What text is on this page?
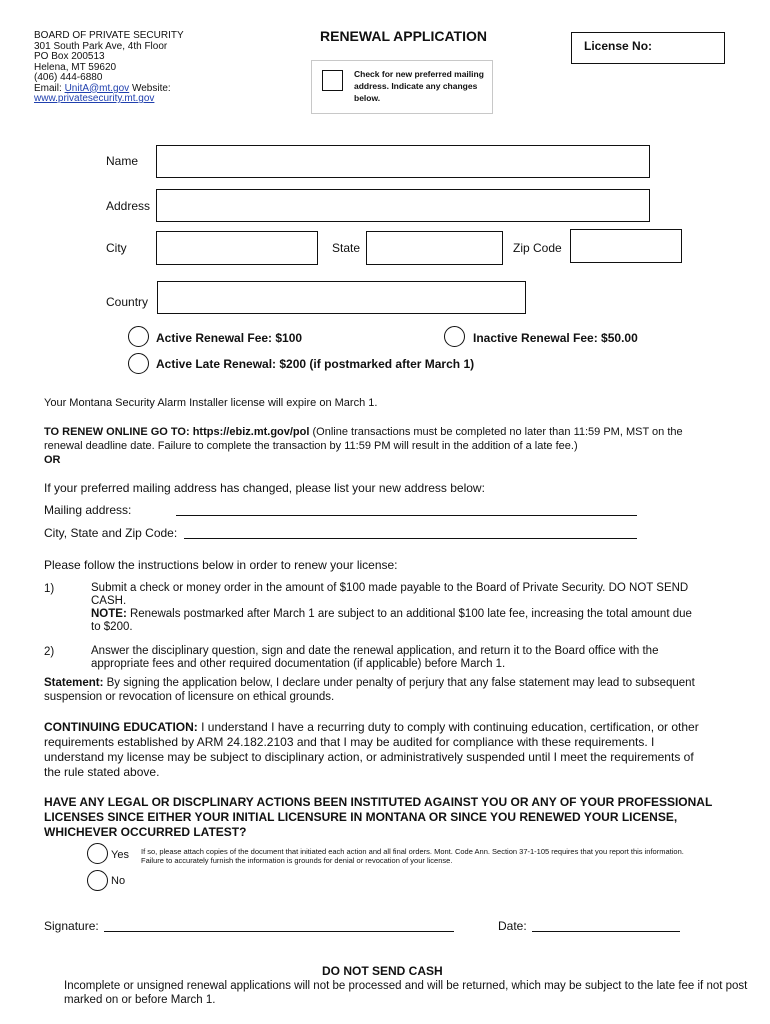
BOARD OF PRIVATE SECURITY
301 South Park Ave, 4th Floor
PO Box 200513
Helena, MT 59620
(406) 444-6880
Email: UnitA@mt.gov Website:
www.privatesecurity.mt.gov
RENEWAL APPLICATION
License No:
Check for new preferred mailing address. Indicate any changes below.
Name
Address
City	State	Zip Code
Country
Active Renewal Fee: $100	Inactive Renewal Fee: $50.00
Active Late Renewal: $200 (if postmarked after March 1)
Your Montana Security Alarm Installer license will expire on March 1.
TO RENEW ONLINE GO TO: https://ebiz.mt.gov/pol (Online transactions must be completed no later than 11:59 PM, MST on the renewal deadline date. Failure to complete the transaction by 11:59 PM will result in the addition of a late fee.)
OR
If your preferred mailing address has changed, please list your new address below:
Mailing address:
City, State and Zip Code:
Please follow the instructions below in order to renew your license:
1)	Submit a check or money order in the amount of $100 made payable to the Board of Private Security. DO NOT SEND CASH.
NOTE: Renewals postmarked after March 1 are subject to an additional $100 late fee, increasing the total amount due to $200.
2)	Answer the disciplinary question, sign and date the renewal application, and return it to the Board office with the appropriate fees and other required documentation (if applicable) before March 1.
Statement: By signing the application below, I declare under penalty of perjury that any false statement may lead to subsequent suspension or revocation of licensure on ethical grounds.
CONTINUING EDUCATION: I understand I have a recurring duty to comply with continuing education, certification, or other requirements established by ARM 24.182.2103 and that I may be audited for compliance with these requirements. I understand my license may be subject to disciplinary action, or administratively suspended until I meet the requirements of the rule stated above.
HAVE ANY LEGAL OR DISCPLINARY ACTIONS BEEN INSTITUTED AGAINST YOU OR ANY OF YOUR PROFESSIONAL LICENSES SINCE EITHER YOUR INITIAL LICENSURE IN MONTANA OR SINCE YOU RENEWED YOUR LICENSE, WHICHEVER OCCURRED LATEST?
Yes If so, please attach copies of the document that initiated each action and all final orders. Mont. Code Ann. Section 37-1-105 requires that you report this information. Failure to accurately furnish the information is grounds for denial or revocation of your license.
No
Signature:	Date:
DO NOT SEND CASH
Incomplete or unsigned renewal applications will not be processed and will be returned, which may be subject to the late fee if not post marked on or before March 1.
